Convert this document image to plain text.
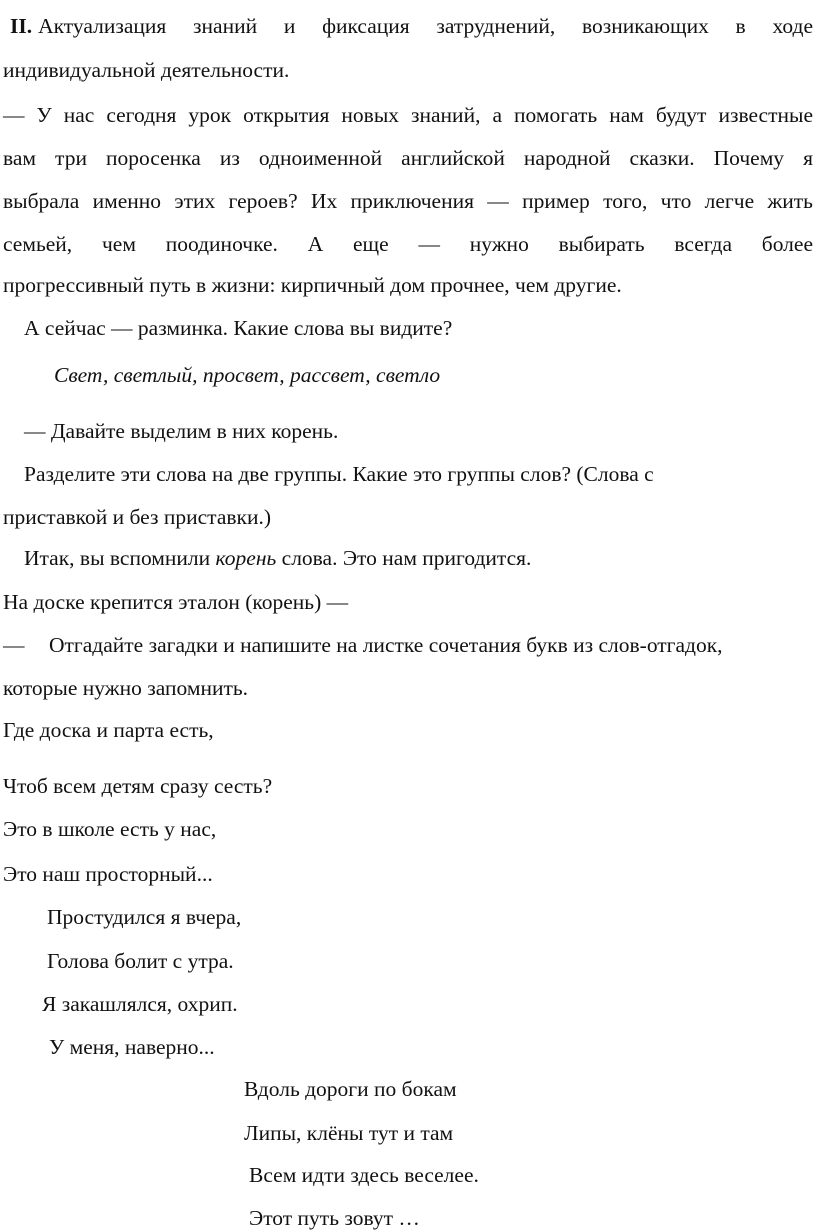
II. Актуализация знаний и фиксация затруднений, возникающих в ходе
индивидуальной деятельности.
— У нас сегодня урок открытия новых знаний, а помогать нам будут известные
вам три поросенка из одноименной английской народной сказки. Почему я
выбрала именно этих героев? Их приключения — пример того, что легче жить
семьей, чем поодиночке. А еще — нужно выбирать всегда более
прогрессивный путь в жизни: кирпичный дом прочнее, чем другие.
А сейчас — разминка. Какие слова вы видите?
Свет, светлый, просвет, рассвет, светло
— Давайте выделим в них корень.
Разделите эти слова на две группы. Какие это группы слов? (Слова с
приставкой и без приставки.)
Итак, вы вспомнили корень слова. Это нам пригодится.
На доске крепится эталон (корень) —
— Отгадайте загадки и напишите на листке сочетания букв из слов-отгадок,
которые нужно запомнить.
Где доска и парта есть,
Чтоб всем детям сразу сесть?
Это в школе есть у нас,
Это наш просторный...
Простудился я вчера,
Голова болит с утра.
Я закашлялся, охрип.
У меня, наверно...
Вдоль дороги по бокам
Липы, клёны тут и там
Всем идти здесь веселее.
Этот путь зовут …
